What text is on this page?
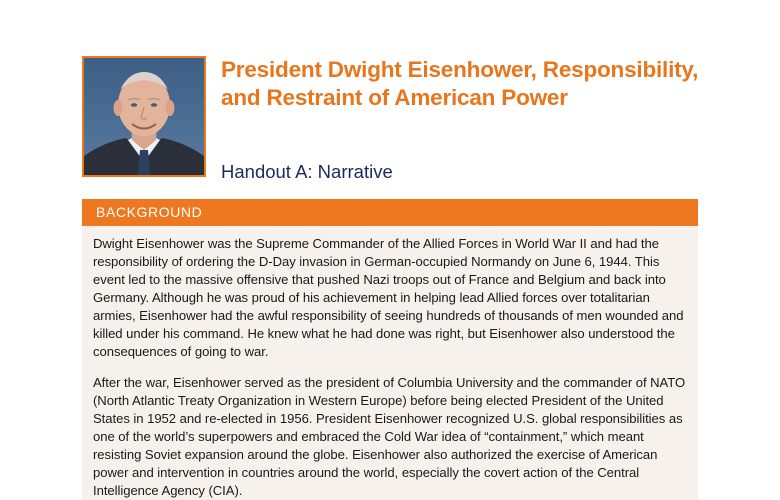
President Dwight Eisenhower, Responsibility, and Restraint of American Power
Handout A: Narrative
BACKGROUND

Dwight Eisenhower was the Supreme Commander of the Allied Forces in World War II and had the responsibility of ordering the D-Day invasion in German-occupied Normandy on June 6, 1944. This event led to the massive offensive that pushed Nazi troops out of France and Belgium and back into Germany. Although he was proud of his achievement in helping lead Allied forces over totalitarian armies, Eisenhower had the awful responsibility of seeing hundreds of thousands of men wounded and killed under his command. He knew what he had done was right, but Eisenhower also understood the consequences of going to war.

After the war, Eisenhower served as the president of Columbia University and the commander of NATO (North Atlantic Treaty Organization in Western Europe) before being elected President of the United States in 1952 and re-elected in 1956. President Eisenhower recognized U.S. global responsibilities as one of the world’s superpowers and embraced the Cold War idea of “containment,” which meant resisting Soviet expansion around the globe. Eisenhower also authorized the exercise of American power and intervention in countries around the world, especially the covert action of the Central Intelligence Agency (CIA).
